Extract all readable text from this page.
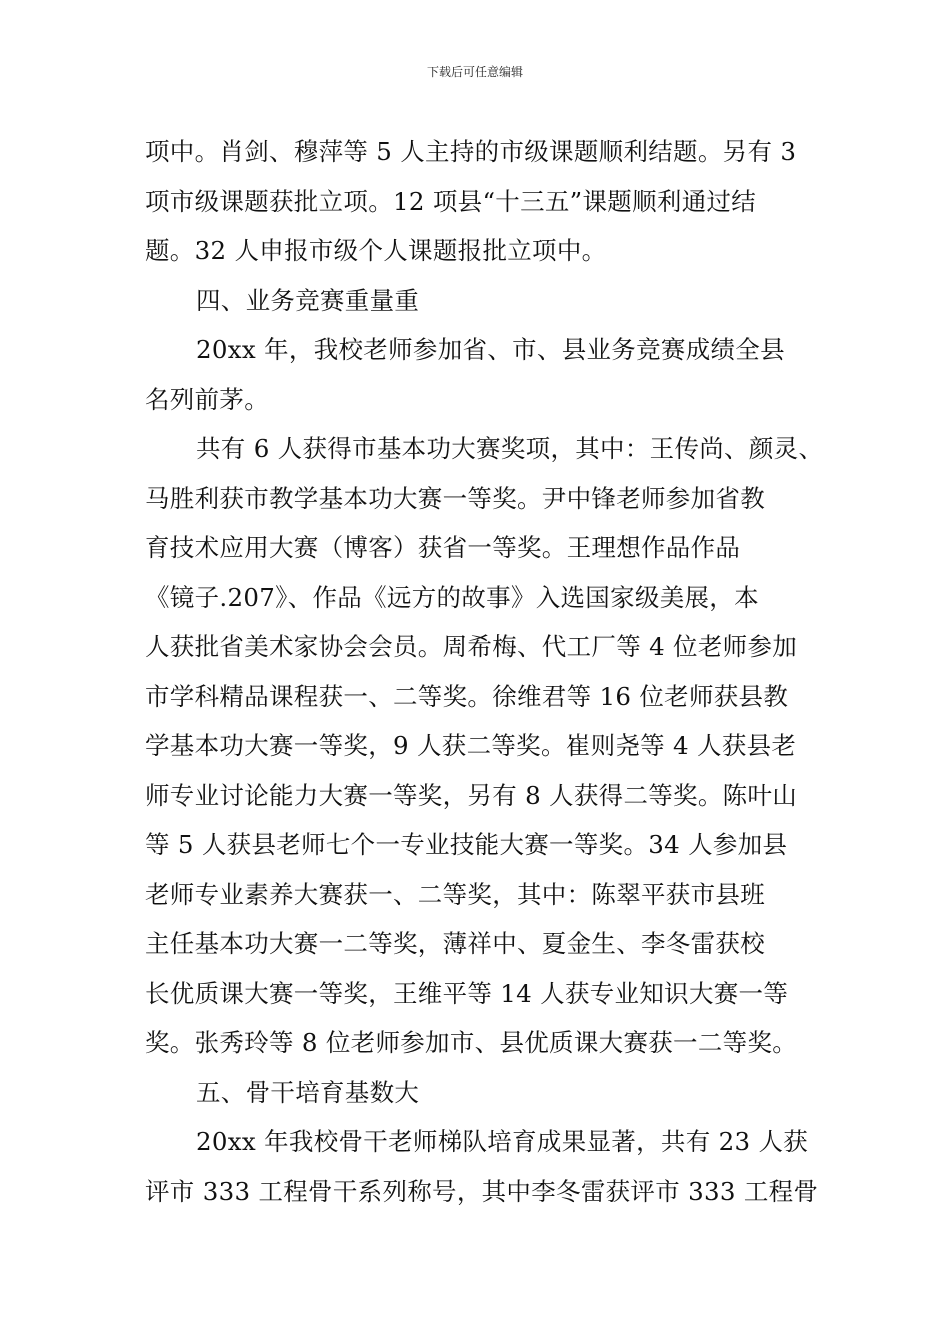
下载后可任意编辑
项中。肖剑、穆萍等 5 人主持的市级课题顺利结题。另有 3
项市级课题获批立项。12 项县“十三五”课题顺利通过结
题。32 人申报市级个人课题报批立项中。
四、业务竞赛重量重
20xx 年，我校老师参加省、市、县业务竞赛成绩全县
名列前茅。
共有 6 人获得市基本功大赛奖项，其中：王传尚、颜灵、
马胜利获市教学基本功大赛一等奖。尹中锋老师参加省教
育技术应用大赛（博客）获省一等奖。王理想作品作品
《镜子.207》、作品《远方的故事》入选国家级美展，本
人获批省美术家协会会员。周希梅、代工厂等 4 位老师参加
市学科精品课程获一、二等奖。徐维君等 16 位老师获县教
学基本功大赛一等奖，9 人获二等奖。崔则尧等 4 人获县老
师专业讨论能力大赛一等奖，另有 8 人获得二等奖。陈叶山
等 5 人获县老师七个一专业技能大赛一等奖。34 人参加县
老师专业素养大赛获一、二等奖，其中：陈翠平获市县班
主任基本功大赛一二等奖，薄祥中、夏金生、李冬雷获校
长优质课大赛一等奖，王维平等 14 人获专业知识大赛一等
奖。张秀玲等 8 位老师参加市、县优质课大赛获一二等奖。
五、骨干培育基数大
20xx 年我校骨干老师梯队培育成果显著，共有 23 人获
评市 333 工程骨干系列称号，其中李冬雷获评市 333 工程骨
